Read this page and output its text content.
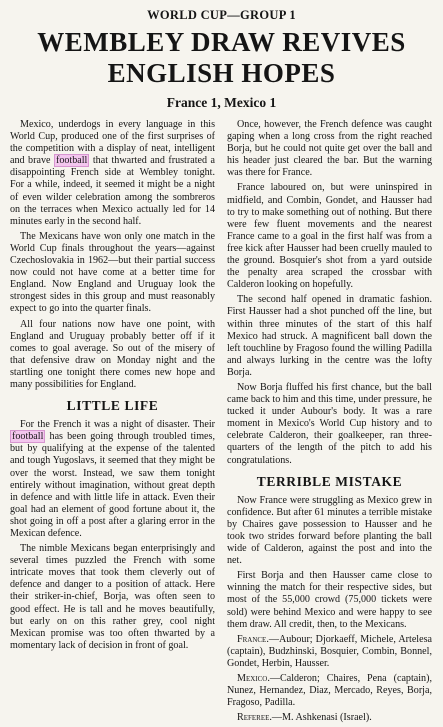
WORLD CUP—GROUP 1
WEMBLEY DRAW REVIVES
ENGLISH HOPES
France 1, Mexico 1

Mexico, underdogs in every language in this World Cup, produced one of the first surprises of the competition with a display of neat, intelligent and brave football that thwarted and frustrated a disappointing French side at Wembley tonight. For a while, indeed, it seemed it might be a night of even wilder celebration among the sombreros on the terraces when Mexico actually led for 14 minutes early in the second half.

The Mexicans have won only one match in the World Cup finals throughout the years—against Czechoslovakia in 1962—but their partial success now could not have come at a better time for England. Now England and Uruguay look the strongest sides in this group and must reasonably expect to go into the quarter finals.

All four nations now have one point, with England and Uruguay probably better off if it comes to goal average. So out of the misery of that defensive draw on Monday night and the startling one tonight there comes new hope and many possibilities for England.

LITTLE LIFE

For the French it was a night of disaster. Their football has been going through troubled times, but by qualifying at the expense of the talented and tough Yugoslavs, it seemed that they might be over the worst. Instead, we saw them tonight entirely without imagination, without great depth in defence and with little life in attack. Even their goal had an element of good fortune about it, the shot going in off a post after a glaring error in the Mexican defence.

The nimble Mexicans began enterprisingly and several times puzzled the French with some intricate moves that took them cleverly out of defence and danger to a position of attack. Here their striker-in-chief, Borja, was often seen to good effect. He is tall and he moves beautifully, but early on on this rather grey, cool night Mexican promise was too often thwarted by a momentary lack of decision in front of goal.

Once, however, the French defence was caught gaping when a long cross from the right reached Borja, but he could not quite get over the ball and his header just cleared the bar. But the warning was there for France.

France laboured on, but were uninspired in midfield, and Combin, Gondet, and Hausser had to try to make something out of nothing. But there were few fluent movements and the nearest France came to a goal in the first half was from a free kick after Hausser had been cruelly mauled to the ground. Bosquier's shot from a yard outside the penalty area scraped the crossbar with Calderon looking on hopefully.

The second half opened in dramatic fashion. First Hausser had a shot punched off the line, but within three minutes of the start of this half Mexico had struck. A magnificent ball down the left touchline by Fragoso found the willing Padilla and always lurking in the centre was the lofty Borja.

Now Borja fluffed his first chance, but the ball came back to him and this time, under pressure, he tucked it under Aubour's body. It was a rare moment in Mexico's World Cup history and to celebrate Calderon, their goalkeeper, ran three-quarters of the length of the pitch to add his congratulations.

TERRIBLE MISTAKE

Now France were struggling as Mexico grew in confidence. But after 61 minutes a terrible mistake by Chaires gave possession to Hausser and he took two strides forward before planting the ball wide of Calderon, against the post and into the net.

First Borja and then Hausser came close to winning the match for their respective sides, but most of the 55,000 crowd (75,000 tickets were sold) were behind Mexico and were happy to see them draw. All credit, then, to the Mexicans.

France.—Aubour; Djorkaeff, Michele, Artelesa (captain), Budzhinski, Bosquier, Combin, Bonnel, Gondet, Herbin, Hausser.

Mexico.—Calderon; Chaires, Pena (captain), Nunez, Hernandez, Diaz, Mercado, Reyes, Borja, Fragoso, Padilla.

Referee.—M. Ashkenasi (Israel).
